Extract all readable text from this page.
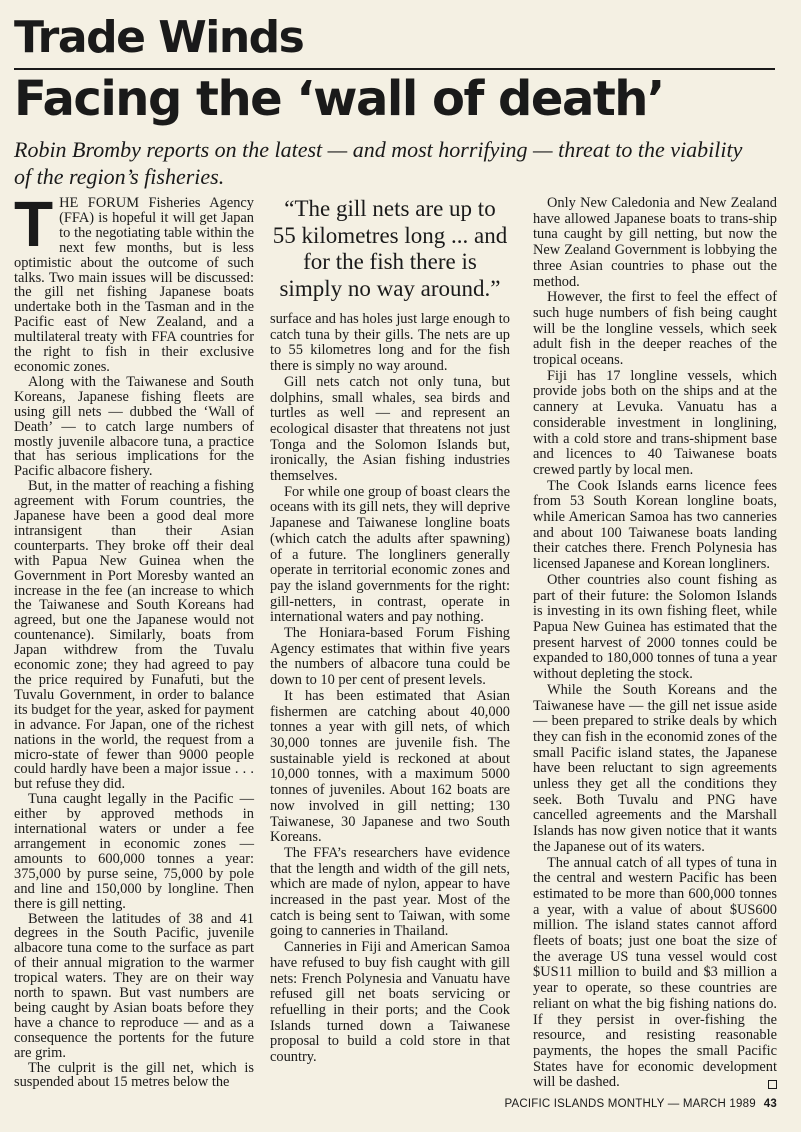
Trade Winds
Facing the ‘wall of death’
Robin Bromby reports on the latest — and most horrifying — threat to the viability of the region’s fisheries.

THE FORUM Fisheries Agency (FFA) is hopeful it will get Japan to the negotiating table within the next few months, but is less optimistic about the outcome of such talks. Two main issues will be discussed: the gill net fishing Japanese boats undertake both in the Tasman and in the Pacific east of New Zealand, and a multilateral treaty with FFA countries for the right to fish in their exclusive economic zones.

Along with the Taiwanese and South Koreans, Japanese fishing fleets are using gill nets — dubbed the ‘Wall of Death’ — to catch large numbers of mostly juvenile albacore tuna, a practice that has serious implications for the Pacific albacore fishery.

But, in the matter of reaching a fishing agreement with Forum countries, the Japanese have been a good deal more intransigent than their Asian counterparts. They broke off their deal with Papua New Guinea when the Government in Port Moresby wanted an increase in the fee (an increase to which the Taiwanese and South Koreans had agreed, but one the Japanese would not countenance). Similarly, boats from Japan withdrew from the Tuvalu economic zone; they had agreed to pay the price required by Funafuti, but the Tuvalu Government, in order to balance its budget for the year, asked for payment in advance. For Japan, one of the richest nations in the world, the request from a micro-state of fewer than 9000 people could hardly have been a major issue . . . but refuse they did.

Tuna caught legally in the Pacific — either by approved methods in international waters or under a fee arrangement in economic zones — amounts to 600,000 tonnes a year: 375,000 by purse seine, 75,000 by pole and line and 150,000 by longline. Then there is gill netting.

Between the latitudes of 38 and 41 degrees in the South Pacific, juvenile albacore tuna come to the surface as part of their annual migration to the warmer tropical waters. They are on their way north to spawn. But vast numbers are being caught by Asian boats before they have a chance to reproduce — and as a consequence the portents for the future are grim.

The culprit is the gill net, which is suspended about 15 metres below the

“The gill nets are up to 55 kilometres long ... and for the fish there is simply no way around.”

surface and has holes just large enough to catch tuna by their gills. The nets are up to 55 kilometres long and for the fish there is simply no way around.

Gill nets catch not only tuna, but dolphins, small whales, sea birds and turtles as well — and represent an ecological disaster that threatens not just Tonga and the Solomon Islands but, ironically, the Asian fishing industries themselves.

For while one group of boast clears the oceans with its gill nets, they will deprive Japanese and Taiwanese longline boats (which catch the adults after spawning) of a future. The longliners generally operate in territorial economic zones and pay the island governments for the right: gill-netters, in contrast, operate in international waters and pay nothing.

The Honiara-based Forum Fishing Agency estimates that within five years the numbers of albacore tuna could be down to 10 per cent of present levels.

It has been estimated that Asian fishermen are catching about 40,000 tonnes a year with gill nets, of which 30,000 tonnes are juvenile fish. The sustainable yield is reckoned at about 10,000 tonnes, with a maximum 5000 tonnes of juveniles. About 162 boats are now involved in gill netting; 130 Taiwanese, 30 Japanese and two South Koreans.

The FFA’s researchers have evidence that the length and width of the gill nets, which are made of nylon, appear to have increased in the past year. Most of the catch is being sent to Taiwan, with some going to canneries in Thailand.

Canneries in Fiji and American Samoa have refused to buy fish caught with gill nets: French Polynesia and Vanuatu have refused gill net boats servicing or refuelling in their ports; and the Cook Islands turned down a Taiwanese proposal to build a cold store in that country.

Only New Caledonia and New Zealand have allowed Japanese boats to trans-ship tuna caught by gill netting, but now the New Zealand Government is lobbying the three Asian countries to phase out the method.

However, the first to feel the effect of such huge numbers of fish being caught will be the longline vessels, which seek adult fish in the deeper reaches of the tropical oceans.

Fiji has 17 longline vessels, which provide jobs both on the ships and at the cannery at Levuka. Vanuatu has a considerable investment in longlining, with a cold store and trans-shipment base and licences to 40 Taiwanese boats crewed partly by local men.

The Cook Islands earns licence fees from 53 South Korean longline boats, while American Samoa has two canneries and about 100 Taiwanese boats landing their catches there. French Polynesia has licensed Japanese and Korean longliners.

Other countries also count fishing as part of their future: the Solomon Islands is investing in its own fishing fleet, while Papua New Guinea has estimated that the present harvest of 2000 tonnes could be expanded to 180,000 tonnes of tuna a year without depleting the stock.

While the South Koreans and the Taiwanese have — the gill net issue aside — been prepared to strike deals by which they can fish in the economid zones of the small Pacific island states, the Japanese have been reluctant to sign agreements unless they get all the conditions they seek. Both Tuvalu and PNG have cancelled agreements and the Marshall Islands has now given notice that it wants the Japanese out of its waters.

The annual catch of all types of tuna in the central and western Pacific has been estimated to be more than 600,000 tonnes a year, with a value of about $US600 million. The island states cannot afford fleets of boats; just one boat the size of the average US tuna vessel would cost $US11 million to build and $3 million a year to operate, so these countries are reliant on what the big fishing nations do. If they persist in over-fishing the resource, and resisting reasonable payments, the hopes the small Pacific States have for economic development will be dashed.

PACIFIC ISLANDS MONTHLY — MARCH 1989 43
